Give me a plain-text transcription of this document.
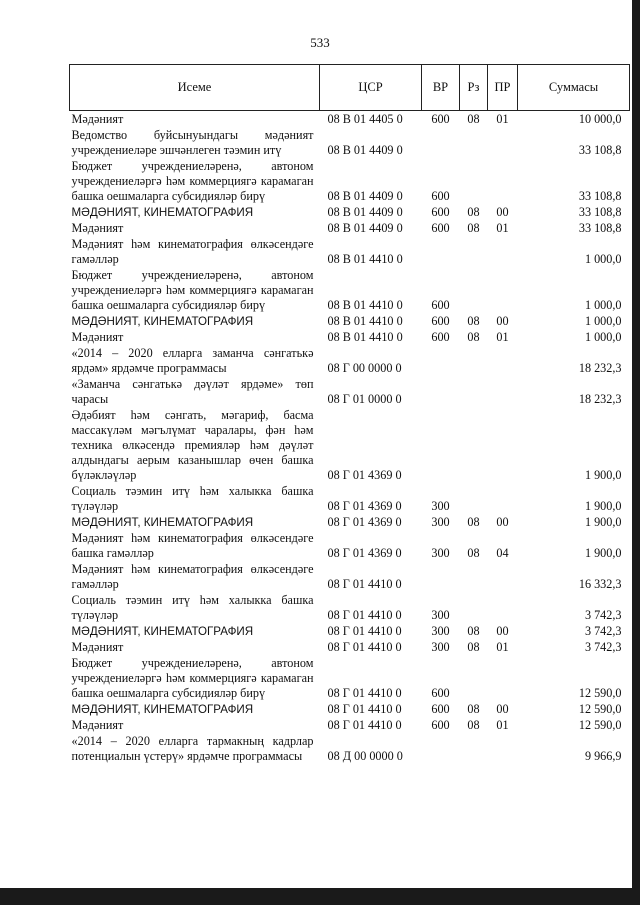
533
Исеме	ЦСР	ВР	Рз	ПР	Суммасы
Мәдәният	08 В 01 4405 0	600	08	01	10 000,0
Ведомство буйсынуындагы мәдәният учреждениеләре эшчәнлеген тәэмин итү	08 В 01 4409 0				33 108,8
Бюджет учреждениеләренә, автоном учреждениеләргә һәм коммерциягә карамаган башка оешмаларга субсидияләр бирү	08 В 01 4409 0	600			33 108,8
МӘДӘНИЯТ, КИНЕМАТОГРАФИЯ	08 В 01 4409 0	600	08	00	33 108,8
Мәдәният	08 В 01 4409 0	600	08	01	33 108,8
Мәдәният һәм кинематография өлкәсендәге гамәлләр	08 В 01 4410 0				1 000,0
Бюджет учреждениеләренә, автоном учреждениеләргә һәм коммерциягә карамаган башка оешмаларга субсидияләр бирү	08 В 01 4410 0	600			1 000,0
МӘДӘНИЯТ, КИНЕМАТОГРАФИЯ	08 В 01 4410 0	600	08	00	1 000,0
Мәдәният	08 В 01 4410 0	600	08	01	1 000,0
«2014 – 2020 елларга заманча сәнгатькә ярдәм» ярдәмче программасы	08 Г 00 0000 0				18 232,3
«Заманча сәнгатькә дәүләт ярдәме» төп чарасы	08 Г 01 0000 0				18 232,3
Әдәбият һәм сәнгать, мәгариф, басма массакүләм мәгълүмат чаралары, фән һәм техника өлкәсендә премияләр һәм дәүләт алдындагы аерым казанышлар өчен башка бүләкләүләр	08 Г 01 4369 0				1 900,0
Социаль тәэмин итү һәм халыкка башка түләүләр	08 Г 01 4369 0	300			1 900,0
МӘДӘНИЯТ, КИНЕМАТОГРАФИЯ	08 Г 01 4369 0	300	08	00	1 900,0
Мәдәният һәм кинематография өлкәсендәге башка гамәлләр	08 Г 01 4369 0	300	08	04	1 900,0
Мәдәният һәм кинематография өлкәсендәге гамәлләр	08 Г 01 4410 0				16 332,3
Социаль тәэмин итү һәм халыкка башка түләүләр	08 Г 01 4410 0	300			3 742,3
МӘДӘНИЯТ, КИНЕМАТОГРАФИЯ	08 Г 01 4410 0	300	08	00	3 742,3
Мәдәният	08 Г 01 4410 0	300	08	01	3 742,3
Бюджет учреждениеләренә, автоном учреждениеләргә һәм коммерциягә карамаган башка оешмаларга субсидияләр бирү	08 Г 01 4410 0	600			12 590,0
МӘДӘНИЯТ, КИНЕМАТОГРАФИЯ	08 Г 01 4410 0	600	08	00	12 590,0
Мәдәният	08 Г 01 4410 0	600	08	01	12 590,0
«2014 – 2020 елларга тармакның кадрлар потенциалын үстерү» ярдәмче программасы	08 Д 00 0000 0				9 966,9
